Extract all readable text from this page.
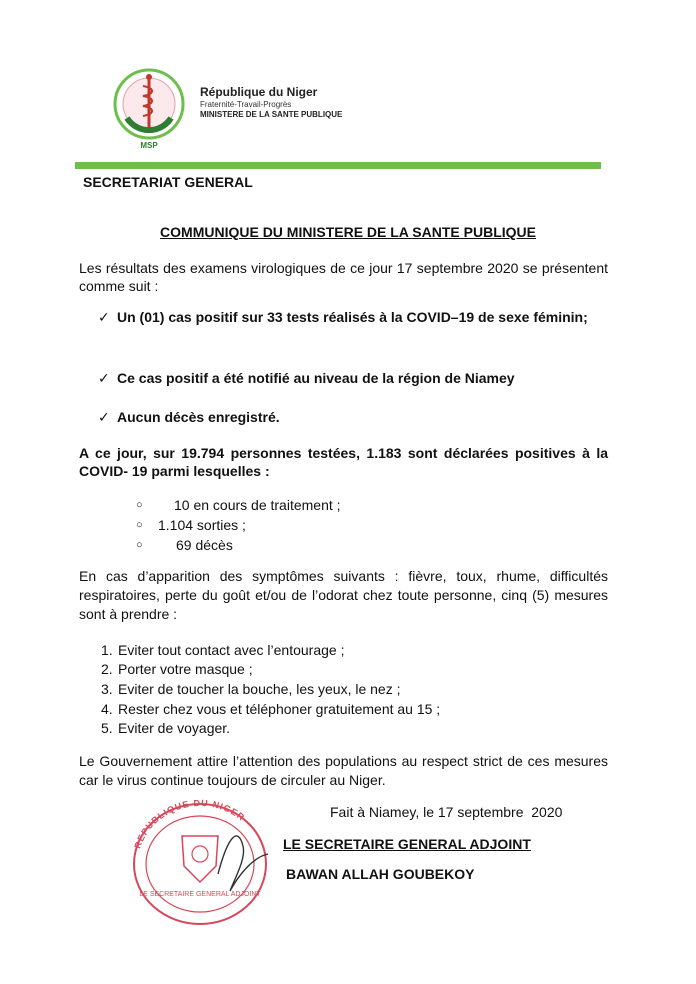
MSP
République du Niger
Fraternité-Travail-Progrès
MINISTERE DE LA SANTE PUBLIQUE
SECRETARIAT GENERAL
COMMUNIQUE DU MINISTERE DE LA SANTE PUBLIQUE

Les résultats des examens virologiques de ce jour 17 septembre 2020 se présentent comme suit :

✓ Un (01) cas positif sur 33 tests réalisés à la COVID–19 de sexe féminin;
✓ Ce cas positif a été notifié au niveau de la région de Niamey
✓ Aucun décès enregistré.

A ce jour, sur 19.794 personnes testées, 1.183 sont déclarées positives à la COVID- 19 parmi lesquelles :

○ 10 en cours de traitement ;
○ 1.104 sorties ;
○ 69 décès

En cas d’apparition des symptômes suivants : fièvre, toux, rhume, difficultés respiratoires, perte du goût et/ou de l’odorat chez toute personne, cinq (5) mesures sont à prendre :

1. Eviter tout contact avec l’entourage ;
2. Porter votre masque ;
3. Eviter de toucher la bouche, les yeux, le nez ;
4. Rester chez vous et téléphoner gratuitement au 15 ;
5. Eviter de voyager.

Le Gouvernement attire l’attention des populations au respect strict de ces mesures car le virus continue toujours de circuler au Niger.

Fait à Niamey, le 17 septembre  2020
REPUBLIQUE DU NIGER
LE SECRETAIRE GENERAL ADJOINT
LE SECRETAIRE GENERAL ADJOINT
BAWAN ALLAH GOUBEKOY
